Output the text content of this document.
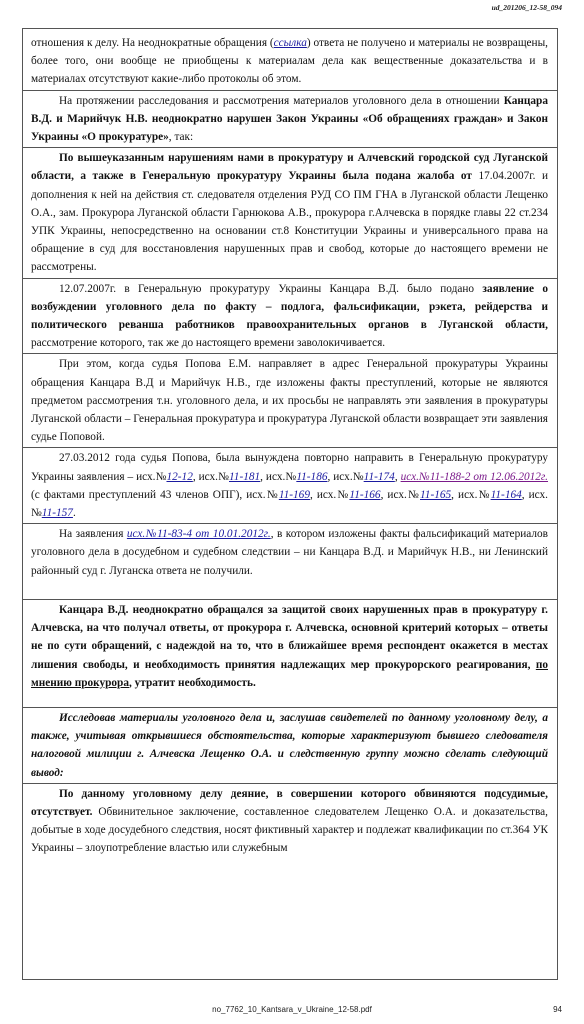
ud_201206_12-58_094

отношения к делу. На неоднократные обращения (ссылка) ответа не получено и материалы не возвращены, более того, они вообще не приобщены к материалам дела как вещественные доказательства и в материалах отсутствуют какие-либо протоколы об этом.

На протяжении расследования и рассмотрения материалов уголовного дела в отношении Канцара В.Д. и Марийчук Н.В. неоднократно нарушен Закон Украины «Об обращениях граждан» и Закон Украины «О прокуратуре», так:

По вышеуказанным нарушениям нами в прокуратуру и Алчевский городской суд Луганской области, а также в Генеральную прокуратуру Украины была подана жалоба от 17.04.2007г. и дополнения к ней на действия ст. следователя отделения РУД СО ПМ ГНА в Луганской области Лещенко О.А., зам. Прокурора Луганской области Гарнюкова А.В., прокурора г.Алчевска в порядке главы 22 ст.234 УПК Украины, непосредственно на основании ст.8 Конституции Украины и универсального права на обращение в суд для восстановления нарушенных прав и свобод, которые до настоящего времени не рассмотрены.

12.07.2007г. в Генеральную прокуратуру Украины Канцара В.Д. было подано заявление о возбуждении уголовного дела по факту – подлога, фальсификации, рэкета, рейдерства и политического реванша работников правоохранительных органов в Луганской области, рассмотрение которого, так же до настоящего времени заволокичивается.

При этом, когда судья Попова Е.М. направляет в адрес Генеральной прокуратуры Украины обращения Канцара В.Д и Марийчук Н.В., где изложены факты преступлений, которые не являются предметом рассмотрения т.н. уголовного дела, и их просьбы не направлять эти заявления в прокуратуры Луганской области – Генеральная прокуратура и прокуратура Луганской области возвращает эти заявления судье Поповой.

27.03.2012 года судья Попова, была вынуждена повторно направить в Генеральную прокуратуру Украины заявления – исх.№12-12, исх.№11-181, исх.№11-186, исх.№11-174, исх.№11-188-2 от 12.06.2012г. (с фактами преступлений 43 членов ОПГ), исх.№11-169, исх.№11-166, исх.№11-165, исх.№11-164, исх.№11-157.

На заявления исх.№11-83-4 от 10.01.2012г., в котором изложены факты фальсификаций материалов уголовного дела в досудебном и судебном следствии – ни Канцара В.Д. и Марийчук Н.В., ни Ленинский районный суд г. Луганска ответа не получили.

Канцара В.Д. неоднократно обращался за защитой своих нарушенных прав в прокуратуру г. Алчевска, на что получал ответы, от прокурора г. Алчевска, основной критерий которых – ответы не по сути обращений, с надеждой на то, что в ближайшее время респондент окажется в местах лишения свободы, и необходимость принятия надлежащих мер прокурорского реагирования, по мнению прокурора, утратит необходимость.

Исследовав материалы уголовного дела и, заслушав свидетелей по данному уголовному делу, а также, учитывая открывшиеся обстоятельства, которые характеризуют бывшего следователя налоговой милиции г. Алчевска Лещенко О.А. и следственную группу можно сделать следующий вывод:

По данному уголовному делу деяние, в совершении которого обвиняются подсудимые, отсутствует. Обвинительное заключение, составленное следователем Лещенко О.А. и доказательства, добытые в ходе досудебного следствия, носят фиктивный характер и подлежат квалификации по ст.364 УК Украины – злоупотребление властью или служебным

no_7762_10_Kantsara_v_Ukraine_12-58.pdf	94
